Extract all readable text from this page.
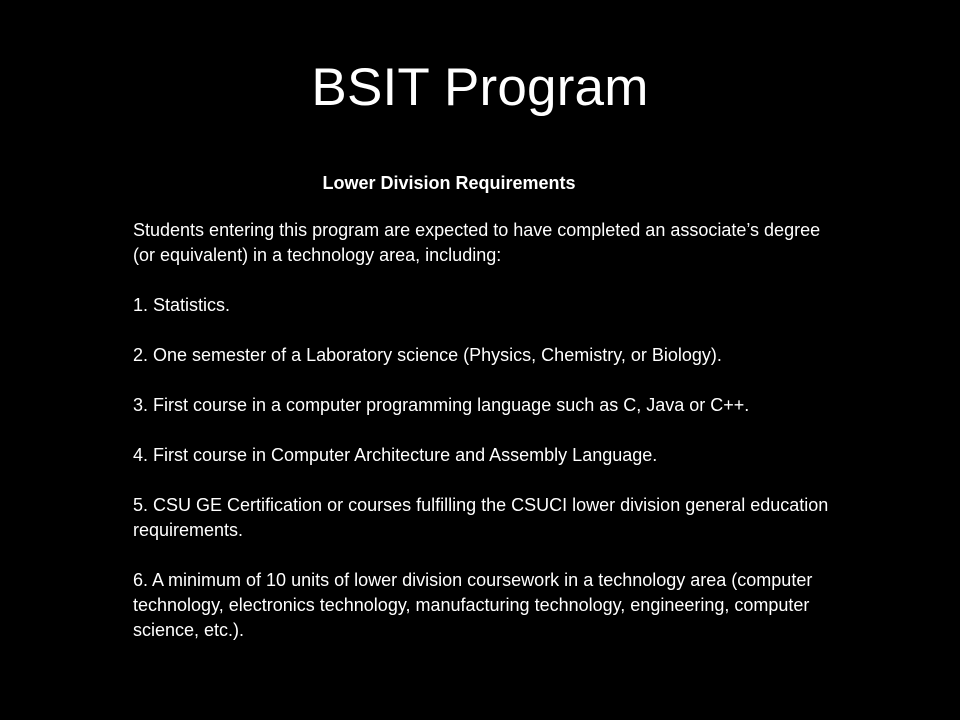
BSIT Program
Lower Division Requirements

Students entering this program are expected to have completed an associate’s degree (or equivalent) in a technology area, including:

1. Statistics.
2. One semester of a Laboratory science (Physics, Chemistry, or Biology).
3. First course in a computer programming language such as C, Java or C++.
4. First course in Computer Architecture and Assembly Language.
5. CSU GE Certification or courses fulfilling the CSUCI lower division general education requirements.
6. A minimum of 10 units of lower division coursework in a technology area (computer technology, electronics technology, manufacturing technology, engineering, computer science, etc.).
